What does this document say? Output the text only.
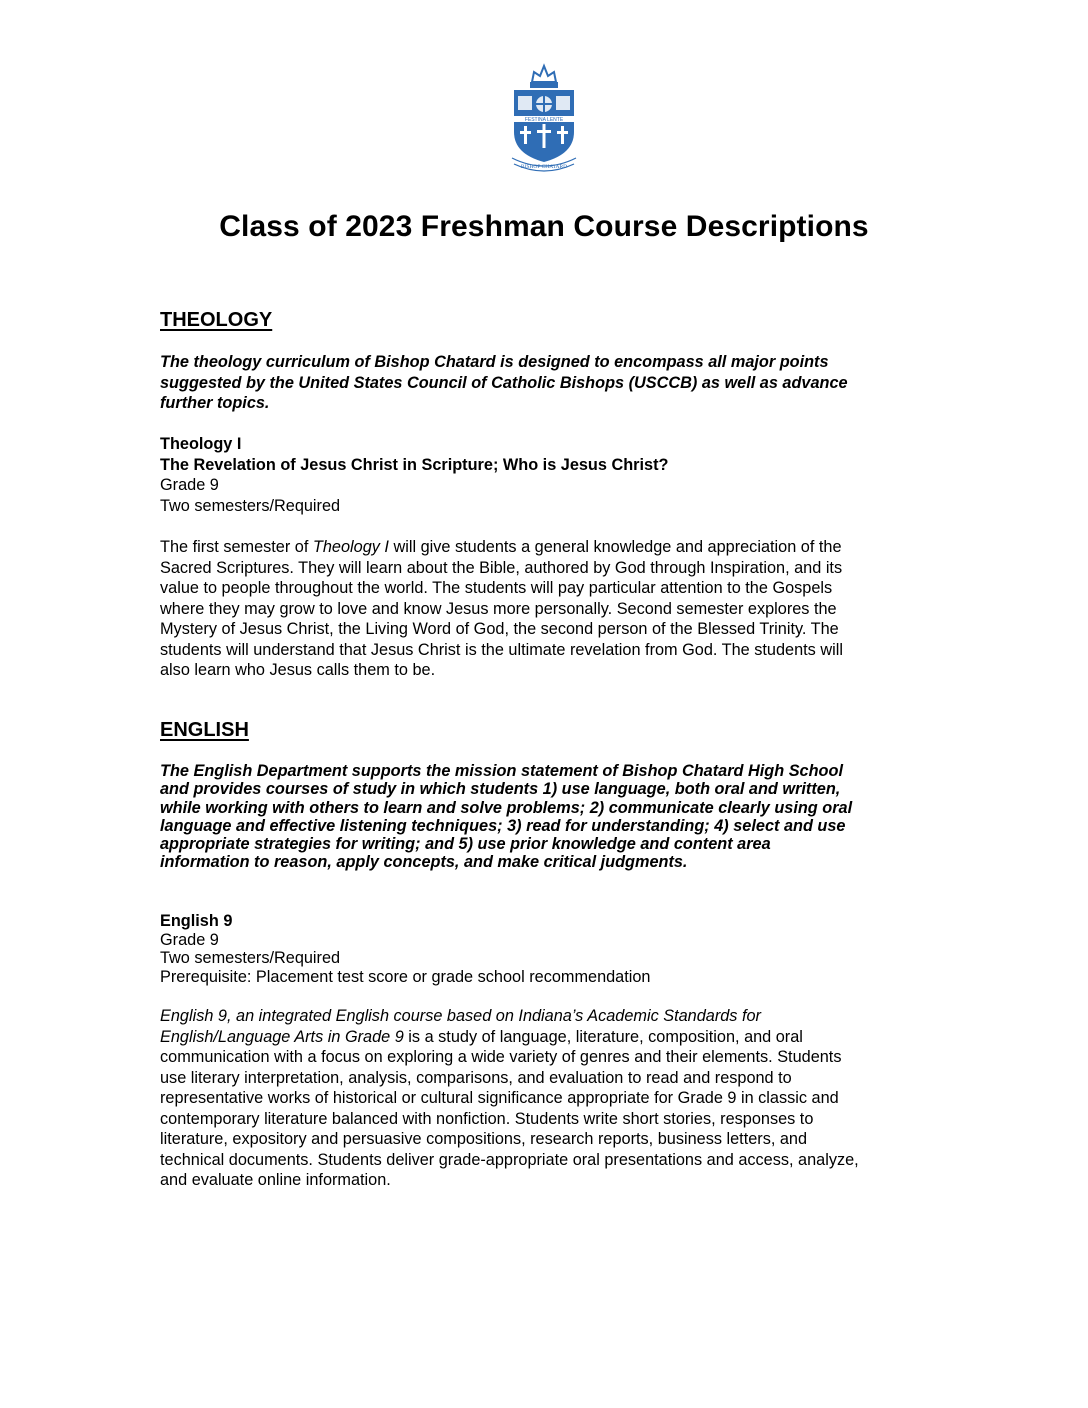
FESTINA LENTE
BISHOP CHATARD
Class of 2023 Freshman Course Descriptions
THEOLOGY
The theology curriculum of Bishop Chatard is designed to encompass all major points
suggested by the United States Council of Catholic Bishops (USCCB) as well as advance
further topics.
Theology I
The Revelation of Jesus Christ in Scripture; Who is Jesus Christ?
Grade 9
Two semesters/Required
The first semester of Theology I will give students a general knowledge and appreciation of the
Sacred Scriptures. They will learn about the Bible, authored by God through Inspiration, and its
value to people throughout the world. The students will pay particular attention to the Gospels
where they may grow to love and know Jesus more personally. Second semester explores the
Mystery of Jesus Christ, the Living Word of God, the second person of the Blessed Trinity. The
students will understand that Jesus Christ is the ultimate revelation from God. The students will
also learn who Jesus calls them to be.
ENGLISH
The English Department supports the mission statement of Bishop Chatard High School
and provides courses of study in which students 1) use language, both oral and written,
while working with others to learn and solve problems; 2) communicate clearly using oral
language and effective listening techniques; 3) read for understanding; 4) select and use
appropriate strategies for writing; and 5) use prior knowledge and content area
information to reason, apply concepts, and make critical judgments.
English 9
Grade 9
Two semesters/Required
Prerequisite: Placement test score or grade school recommendation
English 9, an integrated English course based on Indiana’s Academic Standards for
English/Language Arts in Grade 9 is a study of language, literature, composition, and oral
communication with a focus on exploring a wide variety of genres and their elements. Students
use literary interpretation, analysis, comparisons, and evaluation to read and respond to
representative works of historical or cultural significance appropriate for Grade 9 in classic and
contemporary literature balanced with nonfiction. Students write short stories, responses to
literature, expository and persuasive compositions, research reports, business letters, and
technical documents. Students deliver grade-appropriate oral presentations and access, analyze,
and evaluate online information.
